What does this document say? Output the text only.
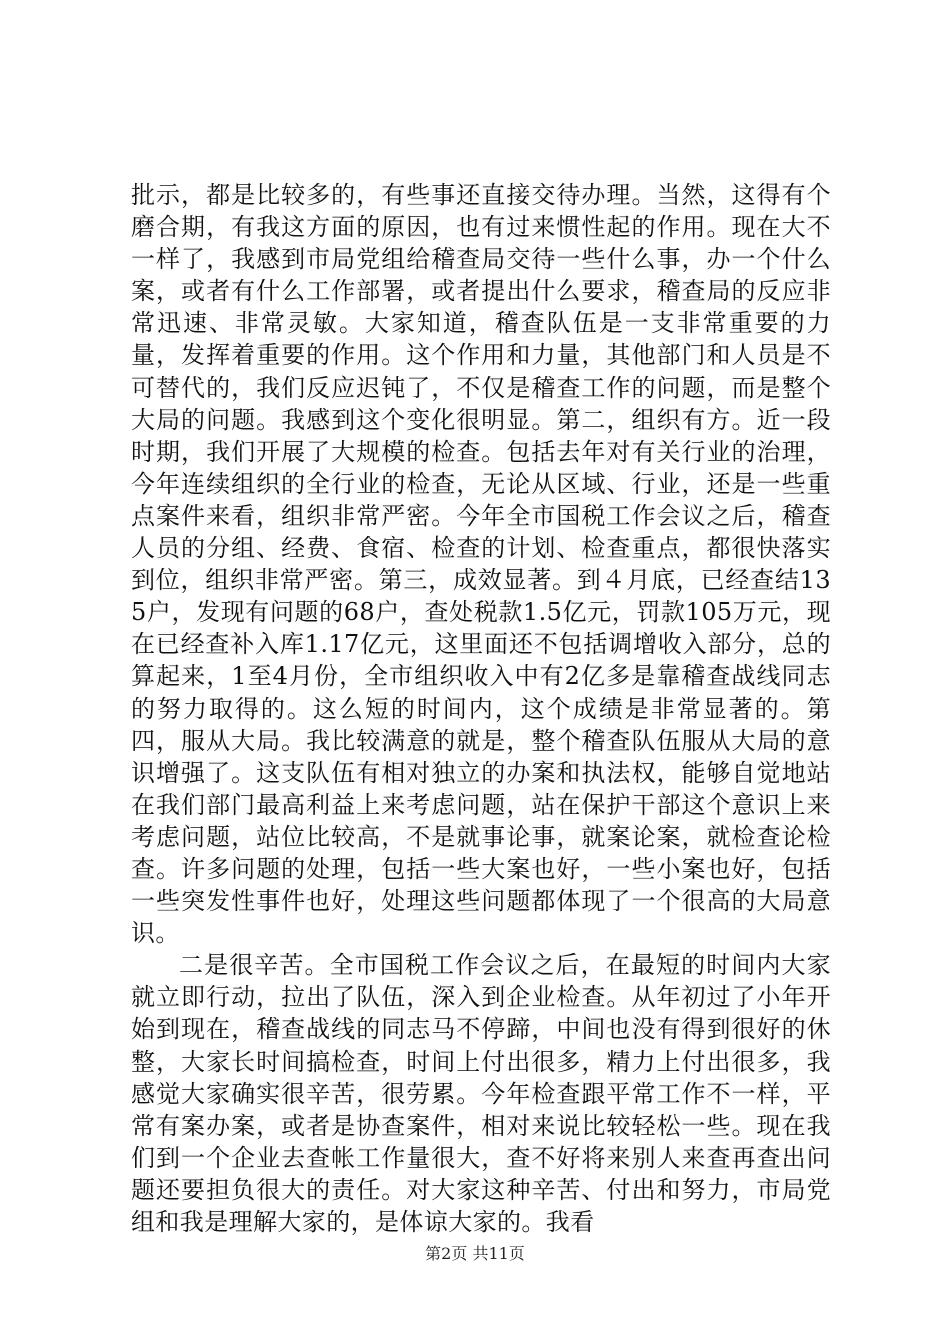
批示，都是比较多的，有些事还直接交待办理。当然，这得有个磨合期，有我这方面的原因，也有过来惯性起的作用。现在大不一样了，我感到市局党组给稽查局交待一些什么事，办一个什么案，或者有什么工作部署，或者提出什么要求，稽查局的反应非常迅速、非常灵敏。大家知道，稽查队伍是一支非常重要的力量，发挥着重要的作用。这个作用和力量，其他部门和人员是不可替代的，我们反应迟钝了，不仅是稽查工作的问题，而是整个大局的问题。我感到这个变化很明显。第二，组织有方。近一段时期，我们开展了大规模的检查。包括去年对有关行业的治理，今年连续组织的全行业的检查，无论从区域、行业，还是一些重点案件来看，组织非常严密。今年全市国税工作会议之后，稽查人员的分组、经费、食宿、检查的计划、检查重点，都很快落实到位，组织非常严密。第三，成效显著。到４月底，已经查结135户，发现有问题的68户，查处税款1.5亿元，罚款105万元，现在已经查补入库1.17亿元，这里面还不包括调增收入部分，总的算起来，1至4月份，全市组织收入中有2亿多是靠稽查战线同志的努力取得的。这么短的时间内，这个成绩是非常显著的。第四，服从大局。我比较满意的就是，整个稽查队伍服从大局的意识增强了。这支队伍有相对独立的办案和执法权，能够自觉地站在我们部门最高利益上来考虑问题，站在保护干部这个意识上来考虑问题，站位比较高，不是就事论事，就案论案，就检查论检查。许多问题的处理，包括一些大案也好，一些小案也好，包括一些突发性事件也好，处理这些问题都体现了一个很高的大局意识。

二是很辛苦。全市国税工作会议之后，在最短的时间内大家就立即行动，拉出了队伍，深入到企业检查。从年初过了小年开始到现在，稽查战线的同志马不停蹄，中间也没有得到很好的休整，大家长时间搞检查，时间上付出很多，精力上付出很多，我感觉大家确实很辛苦，很劳累。今年检查跟平常工作不一样，平常有案办案，或者是协查案件，相对来说比较轻松一些。现在我们到一个企业去查帐工作量很大，查不好将来别人来查再查出问题还要担负很大的责任。对大家这种辛苦、付出和努力，市局党组和我是理解大家的，是体谅大家的。我看

第2页 共11页
